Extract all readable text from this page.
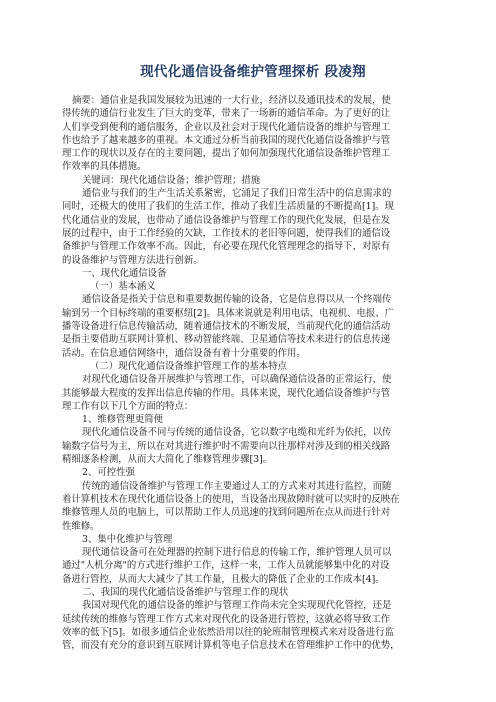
现代化通信设备维护管理探析 段凌翔
摘要：通信业是我国发展较为迅速的一大行业，经济以及通讯技术的发展，使
得传统的通信行业发生了巨大的变革，带来了一场新的通信革命。为了更好的让
人们享受到便利的通信服务，企业以及社会对于现代化通信设备的维护与管理工
作也给予了越来越多的重视。本文通过分析当前我国的现代化通信设备维护与管
理工作的现状以及存在的主要问题，提出了如何加强现代化通信设备维护管理工
作效率的具体措施。
关键词：现代化通信设备；维护管理；措施
通信业与我们的生产生活关系紧密，它涌足了我们日常生活中的信息需求的
同时，还极大的使用了我们的生活工作，推动了我们生活质量的不断提高[1]。现
代化通信业的发展，也带动了通信设备维护与管理工作的现代化发展，但是在发
展的过程中，由于工作经验的欠缺，工作技术的老旧等问题，使得我们的通信设
备维护与管理工作效率不高。因此，有必要在现代化管理理念的指导下，对原有
的设备维护与管理方法进行创新。
一、现代化通信设备
（一）基本涵义
通信设备是指关于信息和重要数据传输的设备，它是信息得以从一个终端传
输到另一个目标终端的重要枢纽[2]。具体来说就是利用电话、电视机、电报、广
播等设备进行信息传输活动，随着通信技术的不断发展，当前现代化的通信活动
是指主要借助互联网计算机、移动智能终端、卫星通信等技术来进行的信息传递
活动。在信息通信网络中，通信设备有着十分重要的作用。
（二）现代化通信设备维护管理工作的基本特点
对现代化通信设备开展维护与管理工作，可以确保通信设备的正常运行，使
其能够最大程度的发挥出信息传输的作用。具体来说，现代化通信设备维护与管
理工作有以下几个方面的特点：
1、维修管理更简便
现代化通信设备不同与传统的通信设备，它以数字电缆和光纤为依托，以传
输数字信号为主，所以在对其进行维护时不需要向以往那样对涉及到的相关线路
精细逐条检测，从而大大简化了维修管理步骤[3]。
2、可控性强
传统的通信设备维护与管理工作主要通过人工的方式来对其进行监控，而随
着计算机技术在现代化通信设备上的使用，当设备出现故障时就可以实时的反映在
维修管理人员的电脑上，可以帮助工作人员迅速的找到问题所在点从而进行针对
性维修。
3、集中化维护与管理
现代通信设备可在处理器的控制下进行信息的传输工作，维护管理人员可以
通过"人机分离"的方式进行维护工作，这样一来，工作人员就能够集中化的对设
备进行管控，从而大大减少了其工作量，且极大的降低了企业的工作成本[4]。
二、我国的现代化通信设备维护与管理工作的现状
我国对现代化的通信设备的维护与管理工作尚未完全实现现代化管控，还是
延续传统的维修与管理工作方式来对现代化的设备进行管控，这就必将导致工作
效率的低下[5]。如很多通信企业依然沿用以往的轮班制管理模式来对设备进行监
管，而没有充分的意识到互联网计算机等电子信息技术在管理维护工作中的优势，
